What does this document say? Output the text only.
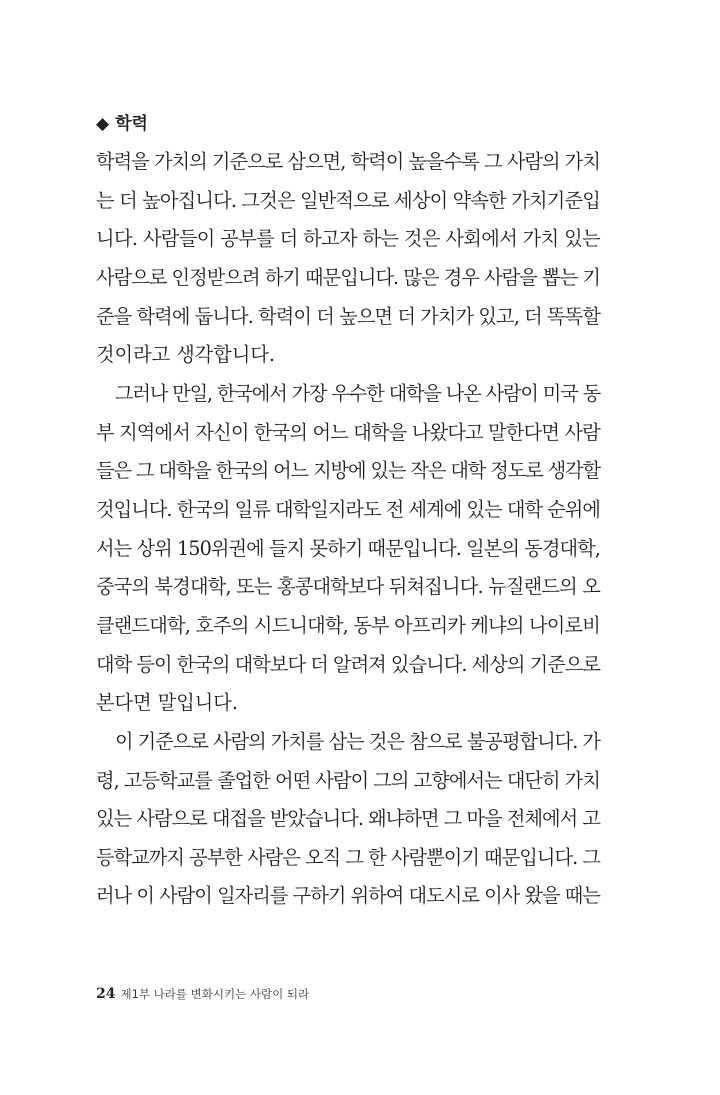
◆ 학력
학력을 가치의 기준으로 삼으면, 학력이 높을수록 그 사람의 가치
는 더 높아집니다. 그것은 일반적으로 세상이 약속한 가치기준입
니다. 사람들이 공부를 더 하고자 하는 것은 사회에서 가치 있는
사람으로 인정받으려 하기 때문입니다. 많은 경우 사람을 뽑는 기
준을 학력에 둡니다. 학력이 더 높으면 더 가치가 있고, 더 똑똑할
것이라고 생각합니다.
그러나 만일, 한국에서 가장 우수한 대학을 나온 사람이 미국 동
부 지역에서 자신이 한국의 어느 대학을 나왔다고 말한다면 사람
들은 그 대학을 한국의 어느 지방에 있는 작은 대학 정도로 생각할
것입니다. 한국의 일류 대학일지라도 전 세계에 있는 대학 순위에
서는 상위 150위권에 들지 못하기 때문입니다. 일본의 동경대학,
중국의 북경대학, 또는 홍콩대학보다 뒤쳐집니다. 뉴질랜드의 오
클랜드대학, 호주의 시드니대학, 동부 아프리카 케냐의 나이로비
대학 등이 한국의 대학보다 더 알려져 있습니다. 세상의 기준으로
본다면 말입니다.
이 기준으로 사람의 가치를 삼는 것은 참으로 불공평합니다. 가
령, 고등학교를 졸업한 어떤 사람이 그의 고향에서는 대단히 가치
있는 사람으로 대접을 받았습니다. 왜냐하면 그 마을 전체에서 고
등학교까지 공부한 사람은 오직 그 한 사람뿐이기 때문입니다. 그
러나 이 사람이 일자리를 구하기 위하여 대도시로 이사 왔을 때는
24 제1부 나라를 변화시키는 사람이 되라
